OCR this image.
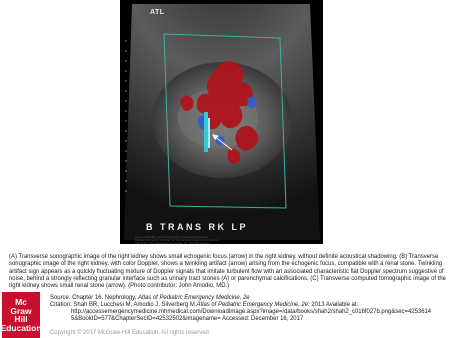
ATL
B TRANS RK LP
Source: Shah BR, Lucchesi M, Amodio J, Silverberg M: Atlas of
Pediatric Emergency Medicine, 2e: www.accessemergencymedicine.com
Copyright © The McGraw-Hill Companies, Inc. All rights reserved.
(A) Transverse sonographic image of the right kidney shows small echogenic focus (arrow) in the right kidney, without definite acoustical shadowing. (B) Transverse sonographic image of the right kidney, with color Doppler, shows a twinkling artifact (arrow) arising from the echogenic focus, compatible with a renal stone. Twinkling artifact sign appears as a quickly fluctuating mixture of Doppler signals that imitate turbulent flow with an associated characteristic flat Doppler spectrum suggestive of noise, behind a strongly reflecting granular interface such as urinary tract stones (A) or parenchymal calcifications. (C) Transverse computed tomographic image of the right kidney shows small renal stone (arrow). (Photo contributor: John Amodio, MD.)
Mc
Graw
Hill
Education
Source: Chapter 16. Nephrology, Atlas of Pediatric Emergency Medicine, 2e
Citation: Shah BR, Lucchesi M, Amodio J, Silverberg M Atlas of Pediatric Emergency Medicine, 2e; 2013 Available at:
http://accessemergencymedicine.mhmedical.com/DownloadImage.aspx?image=/data/books/shah2/shah2_c016f027b.png&sec=4253614
5&BookID=577&ChapterSecID=42532502&imagename= Accessed: December 16, 2017
Copyright © 2017 McGraw-Hill Education. All rights reserved
